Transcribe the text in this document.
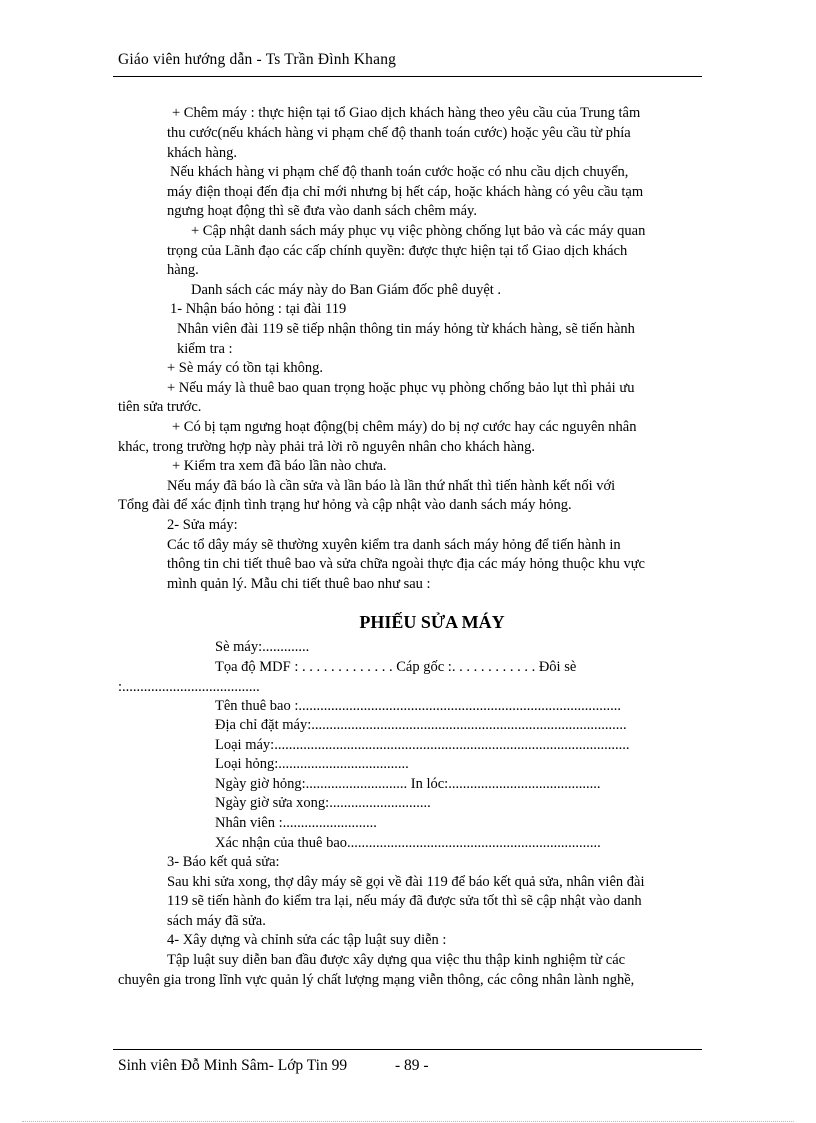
Giáo viên hướng dẫn - Ts Trần Đình Khang
+ Chêm máy : thực hiện tại tổ Giao dịch khách hàng theo yêu cầu của Trung tâm
thu cước(nếu khách hàng vi phạm chế độ thanh toán cước) hoặc yêu cầu từ phía
khách hàng.
Nếu khách hàng vi phạm chế độ thanh toán cước hoặc có nhu cầu dịch chuyển,
máy điện thoại đến địa chỉ mới nhưng bị hết cáp, hoặc khách hàng có yêu cầu tạm
ngưng hoạt động thì sẽ đưa vào danh sách chêm máy.
+ Cập nhật danh sách máy phục vụ việc phòng chống lụt bảo và các máy quan
trọng của Lãnh đạo các cấp chính quyền: được thực hiện tại tổ Giao dịch khách
hàng.
Danh sách các máy này do Ban Giám đốc phê duyệt .
1- Nhận báo hỏng : tại đài 119
Nhân viên đài 119 sẽ tiếp nhận thông tin máy hỏng từ khách hàng, sẽ tiến hành
kiểm tra :
+ Sè máy có tồn tại không.
+ Nếu máy là thuê bao quan trọng hoặc phục vụ phòng chống bảo lụt thì phải ưu
tiên sửa trước.
+ Có bị tạm ngưng hoạt động(bị chêm máy) do bị nợ cước hay các nguyên nhân
khác, trong trường hợp này phải trả lời rõ nguyên nhân cho khách hàng.
+ Kiểm tra xem đã báo lần nào chưa.
Nếu máy đã báo là cần sửa và lần báo là lần thứ nhất thì tiến hành kết nối với
Tổng đài để xác định tình trạng hư hỏng và cập nhật vào danh sách máy hỏng.
2- Sửa máy:
Các tổ dây máy sẽ thường xuyên kiểm tra danh sách máy hỏng để tiến hành in
thông tin chi tiết thuê bao và sửa chữa ngoài thực địa các máy hỏng thuộc khu vực
mình quản lý. Mẫu chi tiết thuê bao như sau :
PHIẾU SỬA MÁY
Sè máy:.............
Tọa độ MDF : . . . . . . . . . . . . . Cáp gốc :. . . . . . . . . . . . Đôi sè
:......................................
Tên thuê bao :.........................................................................................
Địa chỉ đặt máy:.......................................................................................
Loại máy:..................................................................................................
Loại hỏng:....................................
Ngày giờ hỏng:............................ In lóc:..........................................
Ngày giờ sửa xong:............................
Nhân viên :..........................
Xác nhận của thuê bao......................................................................
3- Báo kết quả sửa:
Sau khi sửa xong, thợ dây máy sẽ gọi về đài 119 để báo kết quả sửa, nhân viên đài
119 sẽ tiến hành đo kiểm tra lại, nếu máy đã được sửa tốt thì sẽ cập nhật vào danh
sách máy đã sửa.
4- Xây dựng và chỉnh sửa các tập luật suy diễn :
Tập luật suy diễn ban đầu được xây dựng qua việc thu thập kinh nghiệm từ các
chuyên gia trong lĩnh vực quản lý chất lượng mạng viễn thông, các công nhân lành nghề,
Sinh viên Đỗ Minh Sâm- Lớp Tin 99	- 89 -
